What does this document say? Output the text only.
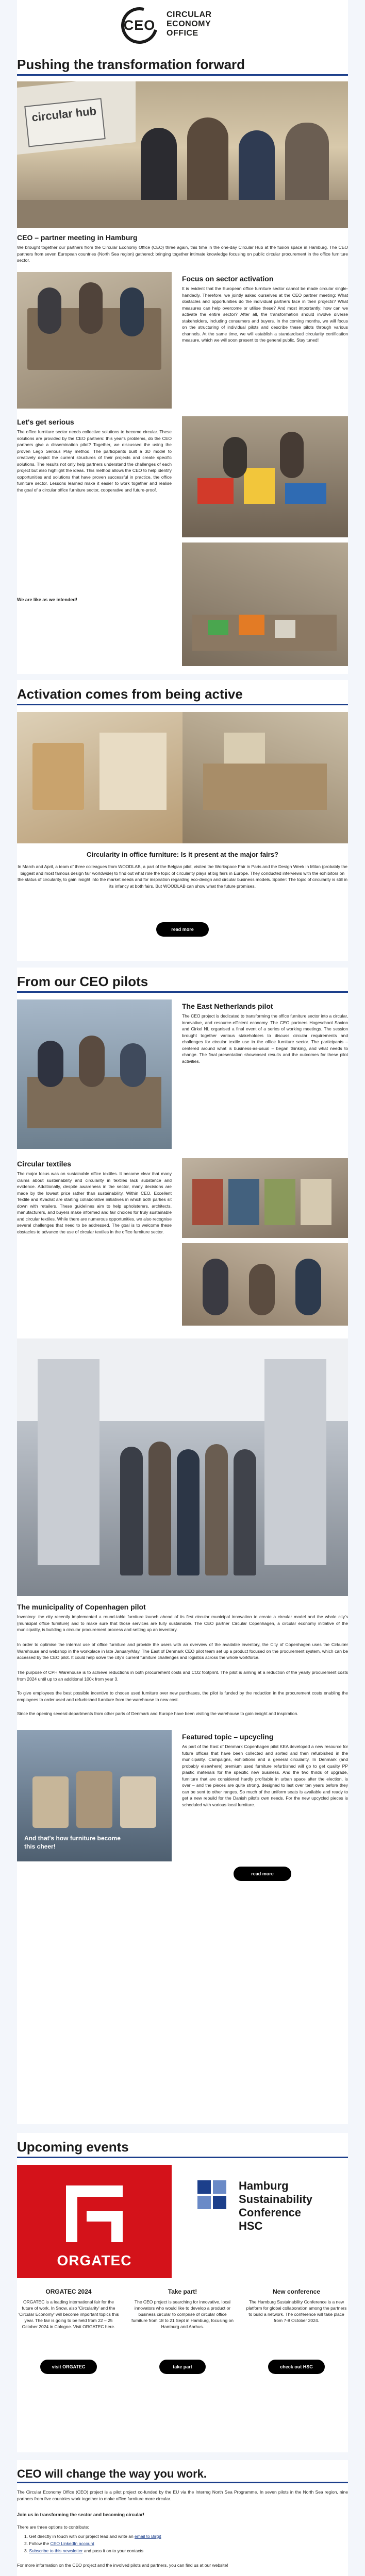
CEO
CIRCULAR
ECONOMY
OFFICE
Pushing the transformation forward
circular hub
CEO – partner meeting in Hamburg
We brought together our partners from the Circular Economy Office (CEO) three again, this time in the one-day Circular Hub at the fusion space in Hamburg. The CEO partners from seven European countries (North Sea region) gathered: bringing together intimate knowledge focusing on public circular procurement in the office furniture sector.
Focus on sector activation
It is evident that the European office furniture sector cannot be made circular single-handedly. Therefore, we jointly asked ourselves at the CEO partner meeting: What obstacles and opportunities do the individual partners face in their projects? What measures can help overcome or utilise these? And most importantly: how can we activate the entire sector? After all, the transformation should involve diverse stakeholders, including consumers and buyers. In the coming months, we will focus on the structuring of individual pilots and describe these pilots through various channels. At the same time, we will establish a standardised circularity certification measure, which we will soon present to the general public. Stay tuned!
Let's get serious
The office furniture sector needs collective solutions to become circular. These solutions are provided by the CEO partners: this year's problems, do the CEO partners give a dissemination pilot? Together, we discussed the using the proven Lego Serious Play method. The participants built a 3D model to creatively depict the current structures of their projects and create specific solutions. The results not only help partners understand the challenges of each project but also highlight the ideas. This method allows the CEO to help identify opportunities and solutions that have proven successful in practice, the office furniture sector. Lessons learned make it easier to work together and realise the goal of a circular office furniture sector, cooperative and future-proof.
We are like as we intended!
Activation comes from being active
Circularity in office furniture: Is it present at the major fairs?
In March and April, a team of three colleagues from WOODLAB, a part of the Belgian pilot, visited the Workspace Fair in Paris and the Design Week in Milan (probably the biggest and most famous design fair worldwide) to find out what role the topic of circularity plays at big fairs in Europe. They conducted interviews with the exhibitors on the status of circularity, to gain insight into the market needs and for inspiration regarding eco-design and circular business models. Spoiler: The topic of circularity is still in its infancy at both fairs. But WOODLAB can show what the future promises.
read more
From our CEO pilots
The East Netherlands pilot
The CEO project is dedicated to transforming the office furniture sector into a circular, innovative, and resource-efficient economy. The CEO partners Hogeschool Saxion and Cirkel NL organised a final event of a series of working meetings. The session brought together various stakeholders to discuss circular requirements and challenges for circular textile use in the office furniture sector. The participants – centered around what is business-as-usual – began thinking, and what needs to change. The final presentation showcased results and the outcomes for these pilot activities.
Circular textiles
The major focus was on sustainable office textiles. It became clear that many claims about sustainability and circularity in textiles lack substance and evidence. Additionally, despite awareness in the sector, many decisions are made by the lowest price rather than sustainability. Within CEO, Excellent Textile and Kvadrat are starting collaborative initiatives in which both parties sit down with retailers. These guidelines aim to help upholsterers, architects, manufacturers, and buyers make informed and fair choices for truly sustainable and circular textiles. While there are numerous opportunities, we also recognise several challenges that need to be addressed. The goal is to welcome these obstacles to advance the use of circular textiles in the office furniture sector.
The municipality of Copenhagen pilot
Inventory: the city recently implemented a round-table furniture launch ahead of its first circular municipal innovation to create a circular model and the whole city's (municipal office furniture) and to make sure that those services are fully sustainable. The CEO partner Circular Copenhagen, a circular economy initiative of the municipality, is building a circular procurement process and setting up an inventory.
In order to optimise the internal use of office furniture and provide the users with an overview of the available inventory, the City of Copenhagen uses the Cirkulær Warehouse and webshop in the workplace in late January/May. The East of Denmark CEO pilot team set up a product focused on the procurement system, which can be accessed by the CEO pilot. It could help solve the city's current furniture challenges and logistics across the whole workforce.
The purpose of CPH Warehouse is to achieve reductions in both procurement costs and CO2 footprint. The pilot is aiming at a reduction of the yearly procurement costs from 2024 until up to an additional 100k from year 3.
To give employees the best possible incentive to choose used furniture over new purchases, the pilot is funded by the reduction in the procurement costs enabling the employees to order used and refurbished furniture from the warehouse to new cost.
Since the opening several departments from other parts of Denmark and Europe have been visiting the warehouse to gain insight and inspiration.
And that's how furniture become this cheer!
Featured topic – upcycling
As part of the East of Denmark Copenhagen pilot KEA developed a new resource for future offices that have been collected and sorted and then refurbished in the municipality. Campaigns, exhibitions and a general circularity. In Denmark (and probably elsewhere) premium used furniture refurbished will go to get quality PP plastic materials for the specific new business. And the two thirds of upgrade, furniture that are considered hardly profitable in urban space after the election, is over – and the pieces are quite strong, designed to last over ten years before they can be sent to other ranges. So much of the uniform seats is available and ready to get a new rebuild for the Danish pilot's own needs. For the new upcycled pieces is scheduled with various local furniture.
read more
Upcoming events
ORGATEC
Hamburg
Sustainability
Conference
HSC
ORGATEC 2024
ORGATEC is a leading international fair for the future of work. In Snow, also 'Circularity' and the 'Circular Economy' will become important topics this year. The fair is going to be held from 22 – 25 October 2024 in Cologne. Visit ORGATEC here.
Take part!
The CEO project is searching for innovative, local innovators who would like to develop a product or business circular to comprise of circular office furniture from 18 to 21 Sept in Hamburg, focusing on Hamburg and Aarhus.
New conference
The Hamburg Sustainability Conference is a new platform for global collaboration among the partners to build a network. The conference will take place from 7-8 October 2024.
visit ORGATEC	take part	check out HSC
CEO will change the way you work.
The Circular Economy Office (CEO) project is a pilot project co-funded by the EU via the Interreg North Sea Programme. In seven pilots in the North Sea region, nine partners from five countries work together to make office furniture more circular.
Join us in transforming the sector and becoming circular!
There are three options to contribute:
1. Get directly in touch with our project lead and write an email to Birgit
2. Follow the CEO LinkedIn account
3. Subscribe to this newsletter and pass it on to your contacts
For more information on the CEO project and the involved pilots and partners, you can find us at our website!
